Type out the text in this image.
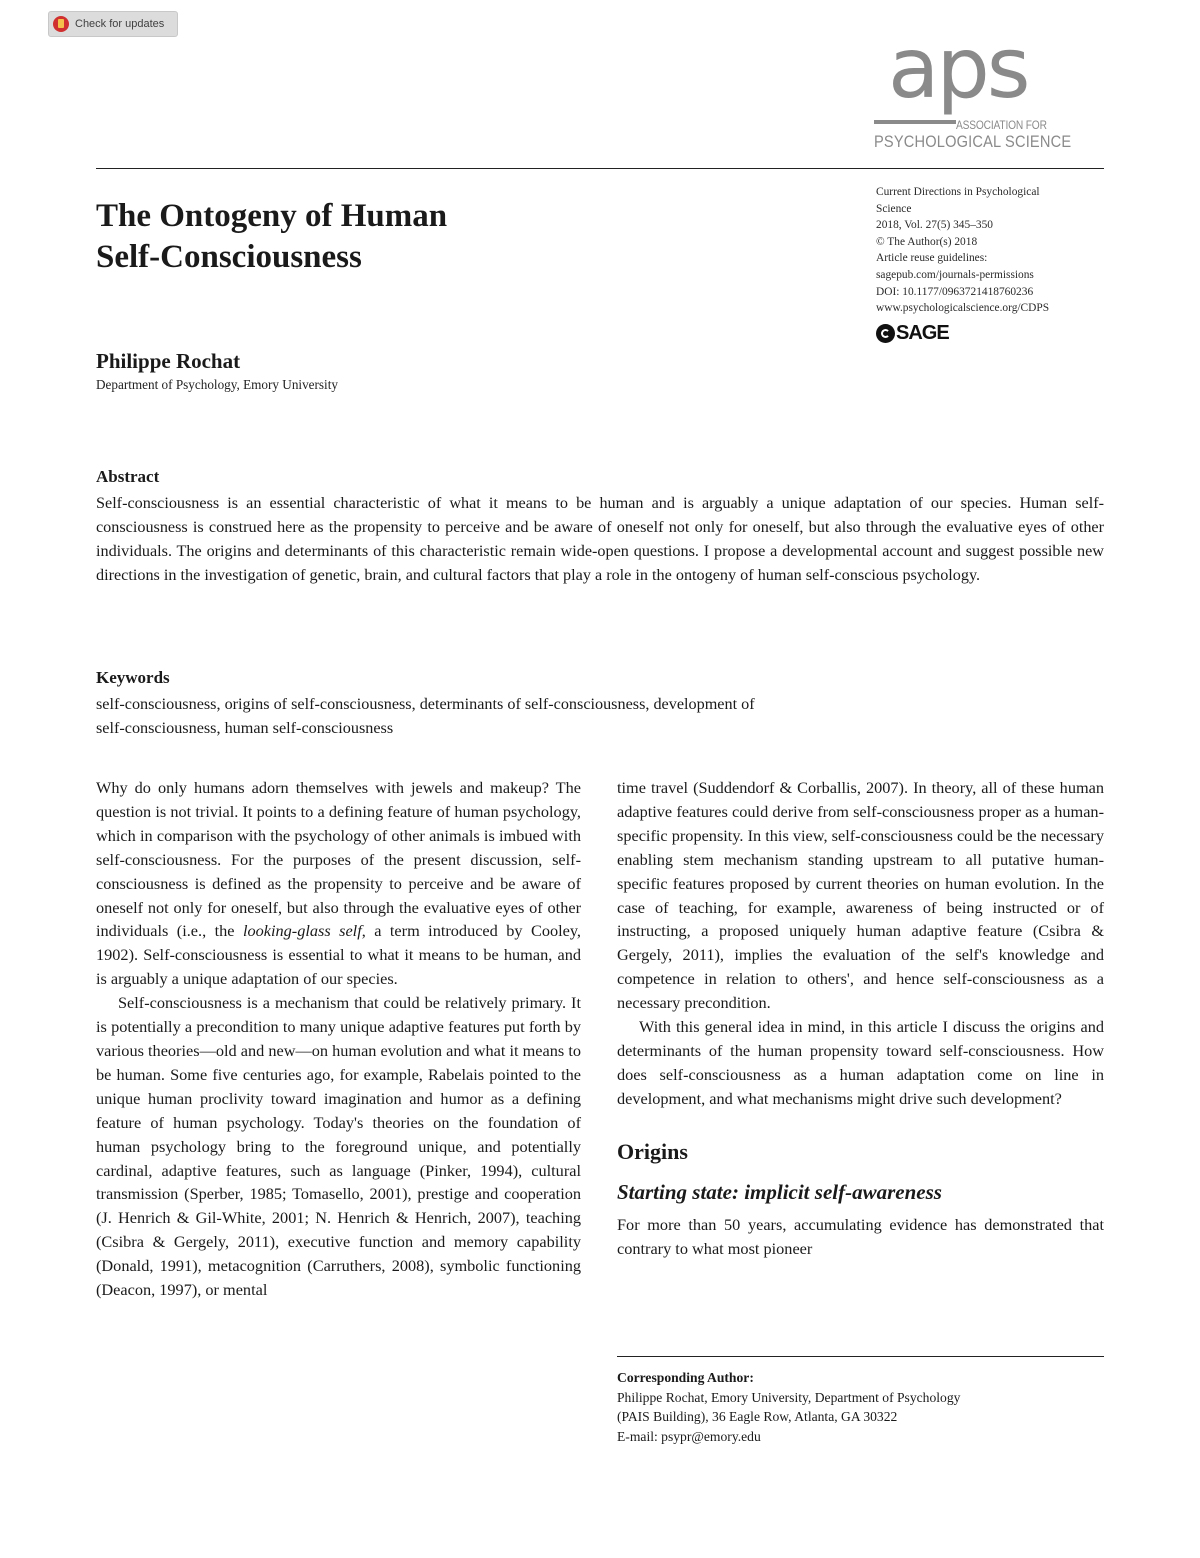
Check for updates	aps
ASSOCIATION FOR
PSYCHOLOGICAL SCIENCE
The Ontogeny of Human
Self-Consciousness
Current Directions in Psychological
Science
2018, Vol. 27(5) 345–350
© The Author(s) 2018
Article reuse guidelines:
sagepub.com/journals-permissions
DOI: 10.1177/0963721418760236
www.psychologicalscience.org/CDPS
SAGE
Philippe Rochat
Department of Psychology, Emory University
Abstract
Self-consciousness is an essential characteristic of what it means to be human and is arguably a unique adaptation of our species. Human self-consciousness is construed here as the propensity to perceive and be aware of oneself not only for oneself, but also through the evaluative eyes of other individuals. The origins and determinants of this characteristic remain wide-open questions. I propose a developmental account and suggest possible new directions in the investigation of genetic, brain, and cultural factors that play a role in the ontogeny of human self-conscious psychology.
Keywords
self-consciousness, origins of self-consciousness, determinants of self-consciousness, development of
self-consciousness, human self-consciousness

Why do only humans adorn themselves with jewels and makeup? The question is not trivial. It points to a defining feature of human psychology, which in comparison with the psychology of other animals is imbued with self-consciousness. For the purposes of the present discussion, self-consciousness is defined as the propensity to perceive and be aware of oneself not only for oneself, but also through the evaluative eyes of other individuals (i.e., the looking-glass self, a term introduced by Cooley, 1902). Self-consciousness is essential to what it means to be human, and is arguably a unique adaptation of our species.

Self-consciousness is a mechanism that could be relatively primary. It is potentially a precondition to many unique adaptive features put forth by various theories—old and new—on human evolution and what it means to be human. Some five centuries ago, for example, Rabelais pointed to the unique human proclivity toward imagination and humor as a defining feature of human psychology. Today's theories on the foundation of human psychology bring to the foreground unique, and potentially cardinal, adaptive features, such as language (Pinker, 1994), cultural transmission (Sperber, 1985; Tomasello, 2001), prestige and cooperation (J. Henrich & Gil-White, 2001; N. Henrich & Henrich, 2007), teaching (Csibra & Gergely, 2011), executive function and memory capability (Donald, 1991), metacognition (Carruthers, 2008), symbolic functioning (Deacon, 1997), or mental

time travel (Suddendorf & Corballis, 2007). In theory, all of these human adaptive features could derive from self-consciousness proper as a human-specific propensity. In this view, self-consciousness could be the necessary enabling stem mechanism standing upstream to all putative human-specific features proposed by current theories on human evolution. In the case of teaching, for example, awareness of being instructed or of instructing, a proposed uniquely human adaptive feature (Csibra & Gergely, 2011), implies the evaluation of the self's knowledge and competence in relation to others', and hence self-consciousness as a necessary precondition.

With this general idea in mind, in this article I discuss the origins and determinants of the human propensity toward self-consciousness. How does self-consciousness as a human adaptation come on line in development, and what mechanisms might drive such development?

Origins
Starting state: implicit self-awareness

For more than 50 years, accumulating evidence has demonstrated that contrary to what most pioneer

Corresponding Author:
Philippe Rochat, Emory University, Department of Psychology
(PAIS Building), 36 Eagle Row, Atlanta, GA 30322
E-mail: psypr@emory.edu
